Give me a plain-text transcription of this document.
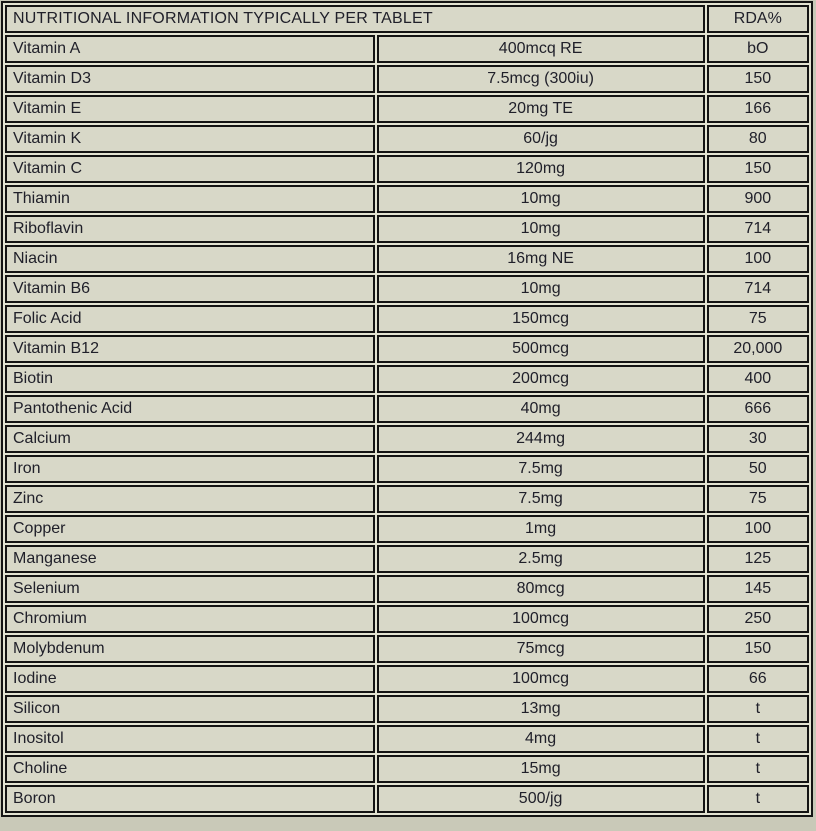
NUTRITIONAL INFORMATION TYPICALLY PER TABLET		RDA%
Vitamin A	400mcq RE	bO
Vitamin D3	7.5mcg (300iu)	150
Vitamin E	20mg TE	166
Vitamin K	60/jg	80
Vitamin C	120mg	150
Thiamin	10mg	900
Riboflavin	10mg	714
Niacin	16mg NE	100
Vitamin B6	10mg	714
Folic Acid	150mcg	75
Vitamin B12	500mcg	20,000
Biotin	200mcg	400
Pantothenic Acid	40mg	666
Calcium	244mg	30
Iron	7.5mg	50
Zinc	7.5mg	75
Copper	1mg	100
Manganese	2.5mg	125
Selenium	80mcg	145
Chromium	100mcg	250
Molybdenum	75mcg	150
Iodine	100mcg	66
Silicon	13mg	t
Inositol	4mg	t
Choline	15mg	t
Boron	500/jg	t
